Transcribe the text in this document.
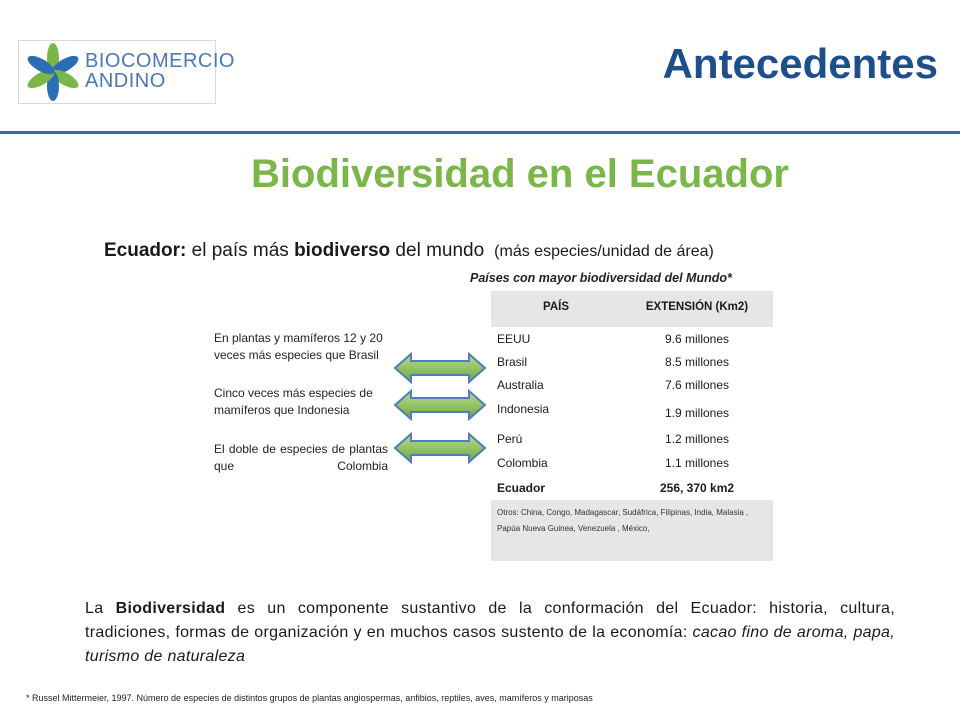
BIOCOMERCIO
ANDINO	Antecedentes
Biodiversidad en el Ecuador
Ecuador: el país más biodiverso del mundo (más especies/unidad de área)
Países con mayor biodiversidad del Mundo*
PAÍS	EXTENSIÓN (Km2)
EEUU	9.6 millones
Brasil	8.5 millones
Australia	7.6 millones
Indonesia	1.9 millones
Perú	1.2 millones
Colombia	1.1 millones
Ecuador	256, 370 km2
Otros: China, Congo, Madagascar, Sudáfrica, Filipinas, India, Malasia , Papúa Nueva Guinea, Venezuela , México,
En plantas y mamíferos 12 y 20 veces más especies que Brasil
Cinco veces más especies de mamíferos que Indonesia
El doble de especies de plantas que Colombia
La Biodiversidad es un componente sustantivo de la conformación del Ecuador: historia, cultura, tradiciones, formas de organización y en muchos casos sustento de la economía: cacao fino de aroma, papa, turismo de naturaleza
* Russel Mittermeier, 1997. Número de especies de distintos grupos de plantas angiospermas, anfibios, reptiles, aves, mamíferos y mariposas
